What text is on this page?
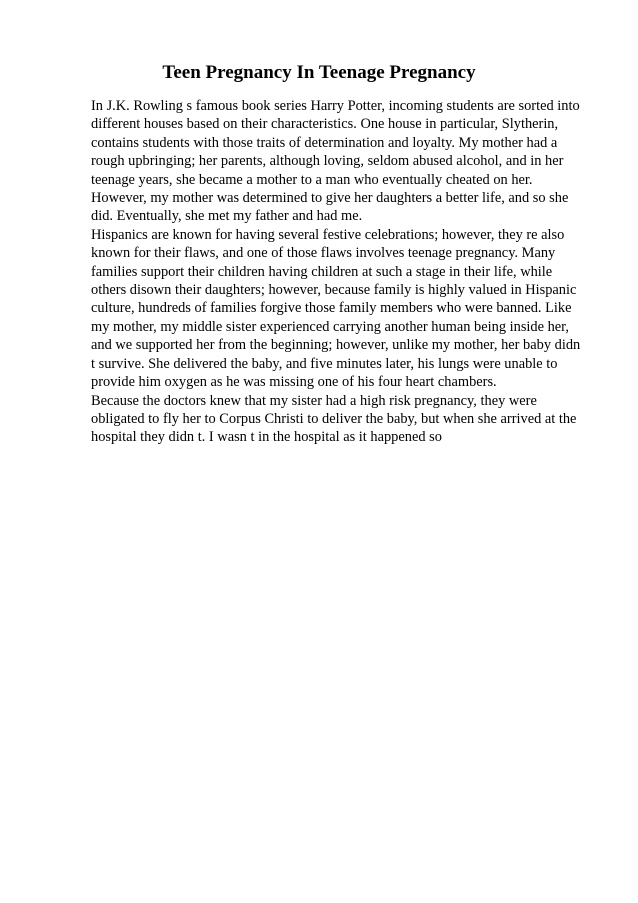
Teen Pregnancy In Teenage Pregnancy
In J.K. Rowling s famous book series Harry Potter, incoming students are sorted into
different houses based on their characteristics. One house in particular, Slytherin,
contains students with those traits of determination and loyalty. My mother had a
rough upbringing; her parents, although loving, seldom abused alcohol, and in her
teenage years, she became a mother to a man who eventually cheated on her.
However, my mother was determined to give her daughters a better life, and so she
did. Eventually, she met my father and had me.
Hispanics are known for having several festive celebrations; however, they re also
known for their flaws, and one of those flaws involves teenage pregnancy. Many
families support their children having children at such a stage in their life, while
others disown their daughters; however, because family is highly valued in Hispanic
culture, hundreds of families forgive those family members who were banned. Like
my mother, my middle sister experienced carrying another human being inside her,
and we supported her from the beginning; however, unlike my mother, her baby didn
t survive. She delivered the baby, and five minutes later, his lungs were unable to
provide him oxygen as he was missing one of his four heart chambers.
Because the doctors knew that my sister had a high risk pregnancy, they were
obligated to fly her to Corpus Christi to deliver the baby, but when she arrived at the
hospital they didn t. I wasn t in the hospital as it happened so
